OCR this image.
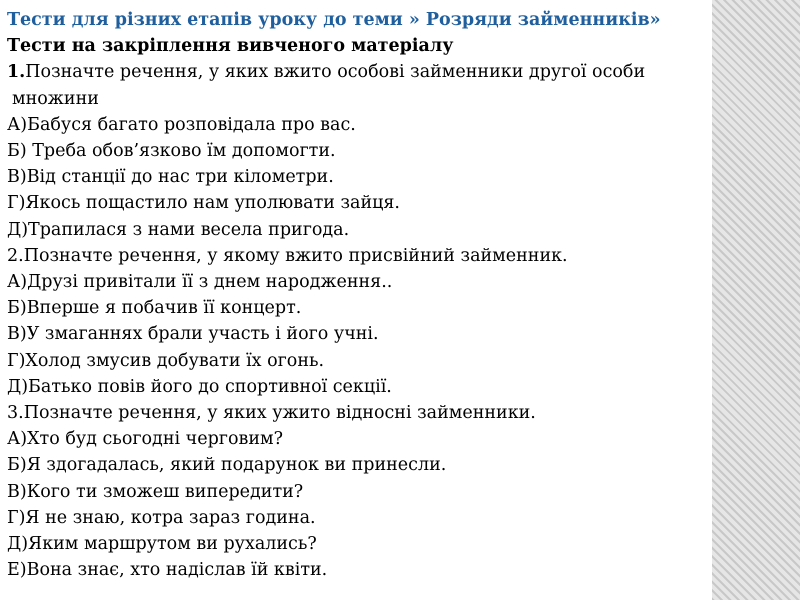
Тести для різних етапів уроку до теми » Розряди займенників»
Тести на закріплення вивченого матеріалу
1.Позначте речення, у яких вжито особові займенники другої особи
множини
А)Бабуся багато розповідала про вас.
Б) Треба обов’язково їм допомогти.
В)Від станції до нас три кілометри.
Г)Якось пощастило нам уполювати зайця.
Д)Трапилася з нами весела пригода.
2.Позначте речення, у якому вжито присвійний займенник.
А)Друзі привітали її з днем народження..
Б)Вперше я побачив її концерт.
В)У змаганнях брали участь і його учні.
Г)Холод змусив добувати їх огонь.
Д)Батько повів його до спортивної секції.
3.Позначте речення, у яких ужито відносні займенники.
А)Хто буд сьогодні черговим?
Б)Я здогадалась, який подарунок ви принесли.
В)Кого ти зможеш випередити?
Г)Я не знаю, котра зараз година.
Д)Яким маршрутом ви рухались?
Е)Вона знає, хто надіслав їй квіти.
